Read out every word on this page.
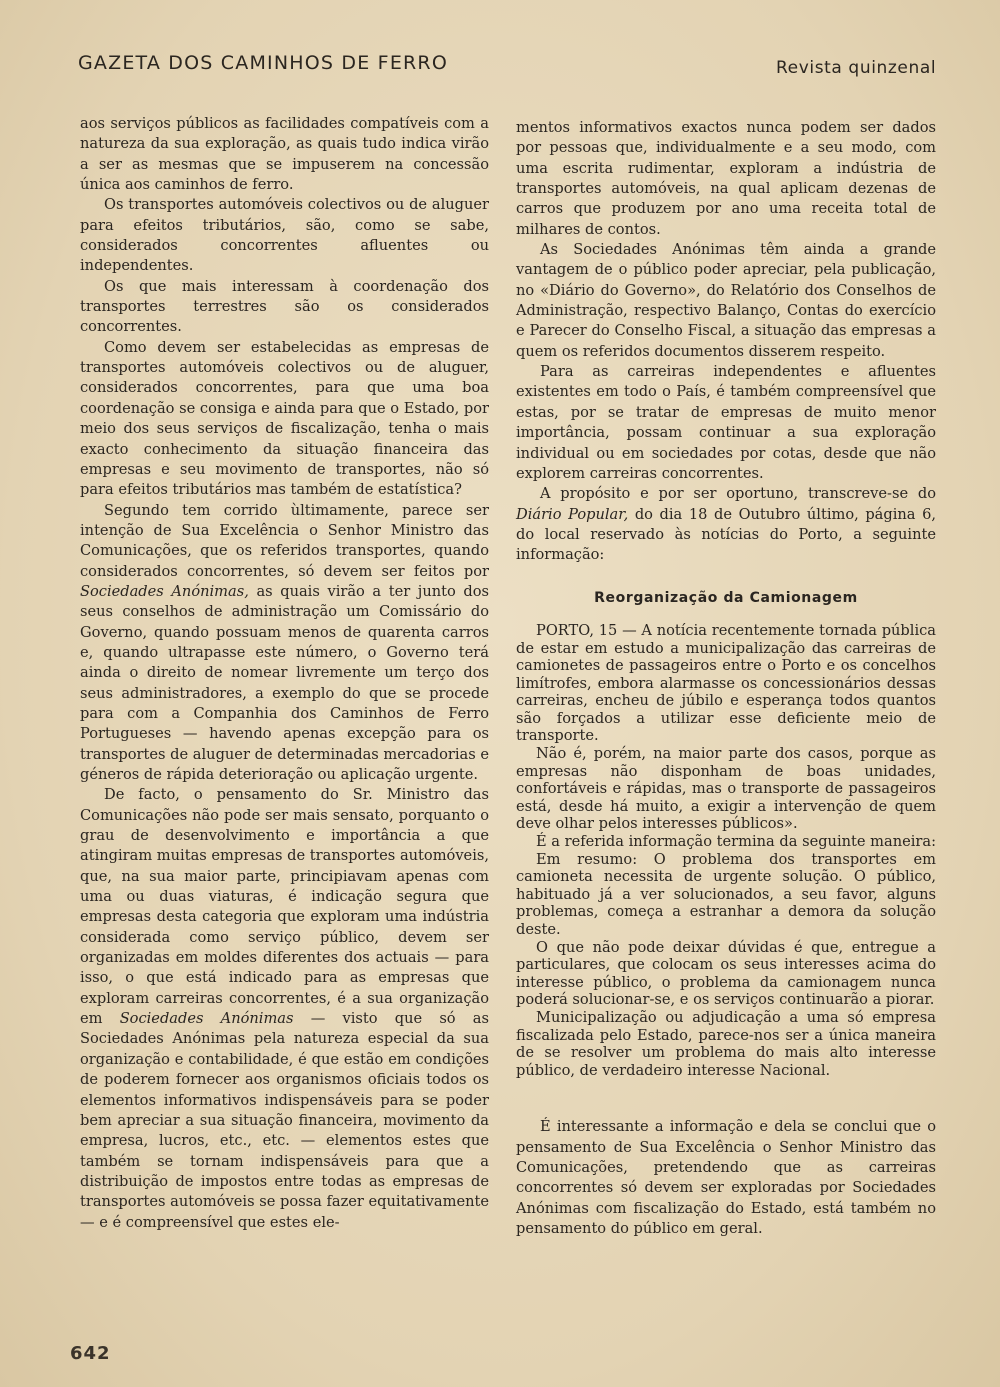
GAZETA DOS CAMINHOS DE FERRO	Revista quinzenal

aos serviços públicos as facilidades compatíveis com a natureza da sua exploração, as quais tudo indica virão a ser as mesmas que se impuserem na concessão única aos caminhos de ferro.

Os transportes automóveis colectivos ou de aluguer para efeitos tributários, são, como se sabe, considerados concorrentes afluentes ou independentes.

Os que mais interessam à coordenação dos transportes terrestres são os considerados concorrentes.

Como devem ser estabelecidas as empresas de transportes automóveis colectivos ou de aluguer, considerados concorrentes, para que uma boa coordenação se consiga e ainda para que o Estado, por meio dos seus serviços de fiscalização, tenha o mais exacto conhecimento da situação financeira das empresas e seu movimento de transportes, não só para efeitos tributários mas também de estatística?

Segundo tem corrido ùltimamente, parece ser intenção de Sua Excelência o Senhor Ministro das Comunicações, que os referidos transportes, quando considerados concorrentes, só devem ser feitos por Sociedades Anónimas, as quais virão a ter junto dos seus conselhos de administração um Comissário do Governo, quando possuam menos de quarenta carros e, quando ultrapasse este número, o Governo terá ainda o direito de nomear livremente um terço dos seus administradores, a exemplo do que se procede para com a Companhia dos Caminhos de Ferro Portugueses — havendo apenas excepção para os transportes de aluguer de determinadas mercadorias e géneros de rápida deterioração ou aplicação urgente.

De facto, o pensamento do Sr. Ministro das Comunicações não pode ser mais sensato, porquanto o grau de desenvolvimento e importância a que atingiram muitas empresas de transportes automóveis, que, na sua maior parte, principiavam apenas com uma ou duas viaturas, é indicação segura que empresas desta categoria que exploram uma indústria considerada como serviço público, devem ser organizadas em moldes diferentes dos actuais — para isso, o que está indicado para as empresas que exploram carreiras concorrentes, é a sua organização em Sociedades Anónimas — visto que só as Sociedades Anónimas pela natureza especial da sua organização e contabilidade, é que estão em condições de poderem fornecer aos organismos oficiais todos os elementos informativos indispensáveis para se poder bem apreciar a sua situação financeira, movimento da empresa, lucros, etc., etc. — elementos estes que também se tornam indispensáveis para que a distribuição de impostos entre todas as empresas de transportes automóveis se possa fazer equitativamente — e é compreensível que estes ele-

mentos informativos exactos nunca podem ser dados por pessoas que, individualmente e a seu modo, com uma escrita rudimentar, exploram a indústria de transportes automóveis, na qual aplicam dezenas de carros que produzem por ano uma receita total de milhares de contos.

As Sociedades Anónimas têm ainda a grande vantagem de o público poder apreciar, pela publicação, no «Diário do Governo», do Relatório dos Conselhos de Administração, respectivo Balanço, Contas do exercício e Parecer do Conselho Fiscal, a situação das empresas a quem os referidos documentos disserem respeito.

Para as carreiras independentes e afluentes existentes em todo o País, é também compreensível que estas, por se tratar de empresas de muito menor importância, possam continuar a sua exploração individual ou em sociedades por cotas, desde que não explorem carreiras concorrentes.

A propósito e por ser oportuno, transcreve-se do Diário Popular, do dia 18 de Outubro último, página 6, do local reservado às notícias do Porto, a seguinte informação:

Reorganização da Camionagem

PORTO, 15 — A notícia recentemente tornada pública de estar em estudo a municipalização das carreiras de camionetes de passageiros entre o Porto e os concelhos limítrofes, embora alarmasse os concessionários dessas carreiras, encheu de júbilo e esperança todos quantos são forçados a utilizar esse deficiente meio de transporte.

Não é, porém, na maior parte dos casos, porque as empresas não disponham de boas unidades, confortáveis e rápidas, mas o transporte de passageiros está, desde há muito, a exigir a intervenção de quem deve olhar pelos interesses públicos».

É a referida informação termina da seguinte maneira:

Em resumo: O problema dos transportes em camioneta necessita de urgente solução. O público, habituado já a ver solucionados, a seu favor, alguns problemas, começa a estranhar a demora da solução deste.

O que não pode deixar dúvidas é que, entregue a particulares, que colocam os seus interesses acima do interesse público, o problema da camionagem nunca poderá solucionar-se, e os serviços continuarão a piorar.

Municipalização ou adjudicação a uma só empresa fiscalizada pelo Estado, parece-nos ser a única maneira de se resolver um problema do mais alto interesse público, de verdadeiro interesse Nacional.

É interessante a informação e dela se conclui que o pensamento de Sua Excelência o Senhor Ministro das Comunicações, pretendendo que as carreiras concorrentes só devem ser exploradas por Sociedades Anónimas com fiscalização do Estado, está também no pensamento do público em geral.

642
